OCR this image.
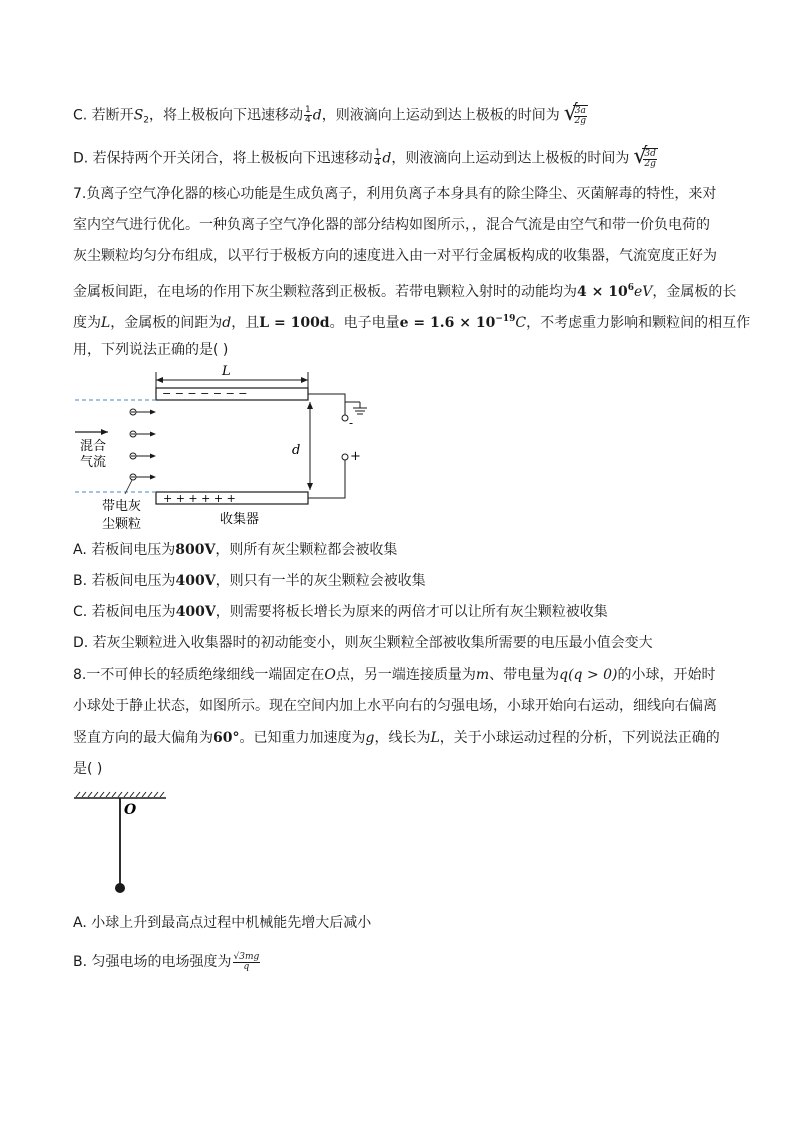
C. 若断开$S_2$，将上极板向下迅速移动 $\frac{1}{4}$ d，则液滴向上运动到达上极板的时间为 √
$\frac{3a}{2g}$
D. 若保持两个开关闭合，将上极板向下迅速移动 $\frac{1}{4}$ d，则液滴向上运动到达上极板的时间为 √
$\frac{3d}{2g}$
7.负离子空气净化器的核心功能是生成负离子，利用负离子本身具有的除尘降尘、灭菌解毒的特性，来对
室内空气进行优化。一种负离子空气净化器的部分结构如图所示，，混合气流是由空气和带一价负电荷的
灰尘颗粒均匀分布组成，以平行于极板方向的速度进入由一对平行金属板构成的收集器，气流宽度正好为
金属板间距，在电场的作用下灰尘颗粒落到正极板。若带电颗粒入射时的动能均为$4 \times 10^6eV$，金属板的长
度为L，金属板的间距为d，且L = 100d。电子电量$e = 1.6 \times 10^{-19}C$，不考虑重力影响和颗粒间的相互作
用，下列说法正确的是( )
L
− − − − − − −
+ + + + + +
d
-
+
混合
气流
带电灰
尘颗粒	收集器
A. 若板间电压为800V，则所有灰尘颗粒都会被收集
B. 若板间电压为400V，则只有一半的灰尘颗粒会被收集
C. 若板间电压为400V，则需要将板长增长为原来的两倍才可以让所有灰尘颗粒被收集
D. 若灰尘颗粒进入收集器时的初动能变小，则灰尘颗粒全部被收集所需要的电压最小值会变大
8.一不可伸长的轻质绝缘细线一端固定在O点，另一端连接质量为m、带电量为q(q > 0)的小球，开始时
小球处于静止状态，如图所示。现在空间内加上水平向右的匀强电场，小球开始向右运动，细线向右偏离
竖直方向的最大偏角为60°。已知重力加速度为g，线长为L，关于小球运动过程的分析，下列说法正确的
是( )
O
A. 小球上升到最高点过程中机械能先增大后减小
B. 匀强电场的电场强度为 $\frac{√3mg}{q}$
